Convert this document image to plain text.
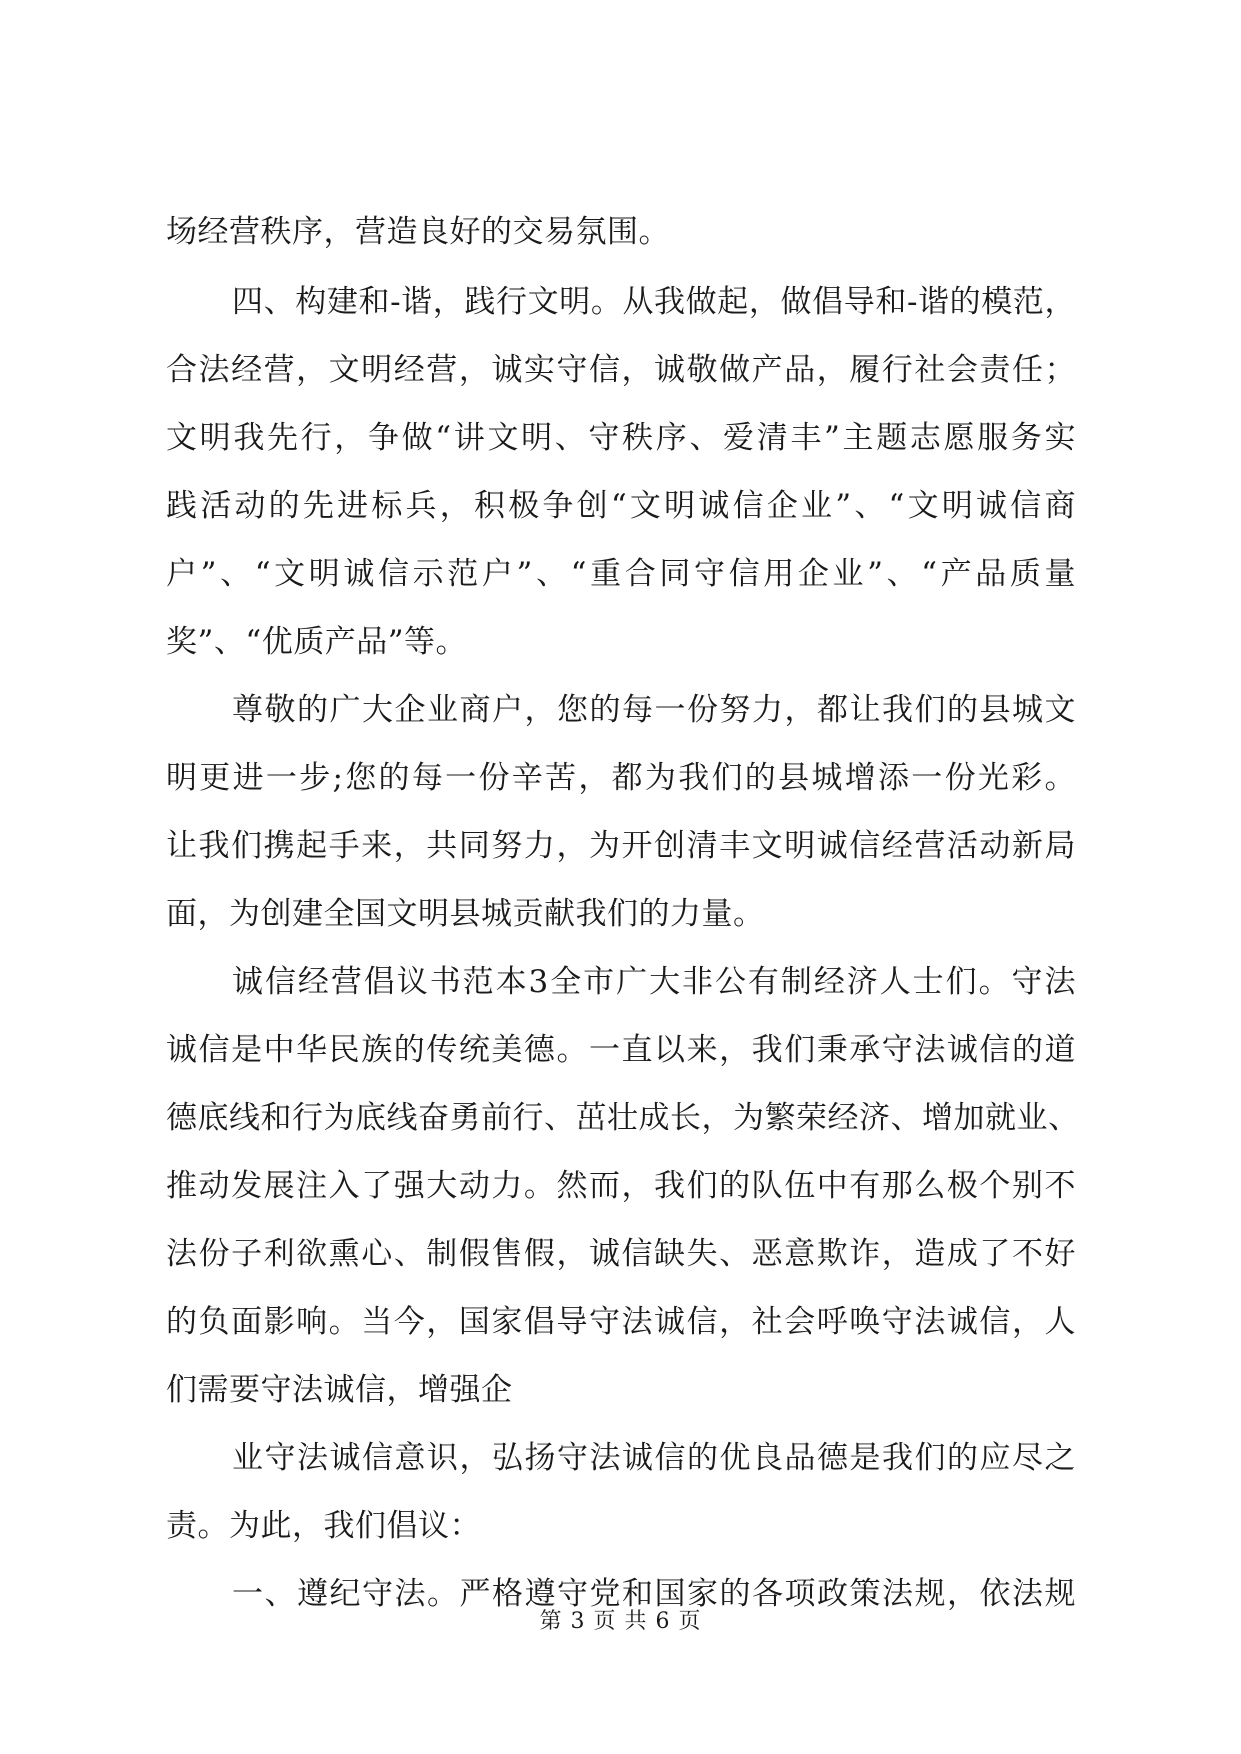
场经营秩序，营造良好的交易氛围。
四、构建和-谐，践行文明。从我做起，做倡导和-谐的模范，
合法经营，文明经营，诚实守信，诚敬做产品，履行社会责任；
文明我先行，争做“讲文明、守秩序、爱清丰”主题志愿服务实
践活动的先进标兵，积极争创“文明诚信企业”、“文明诚信商
户”、“文明诚信示范户”、“重合同守信用企业”、“产品质量
奖”、“优质产品”等。
尊敬的广大企业商户，您的每一份努力，都让我们的县城文
明更进一步;您的每一份辛苦，都为我们的县城增添一份光彩。
让我们携起手来，共同努力，为开创清丰文明诚信经营活动新局
面，为创建全国文明县城贡献我们的力量。
诚信经营倡议书范本3全市广大非公有制经济人士们。守法
诚信是中华民族的传统美德。一直以来，我们秉承守法诚信的道
德底线和行为底线奋勇前行、茁壮成长，为繁荣经济、增加就业、
推动发展注入了强大动力。然而，我们的队伍中有那么极个别不
法份子利欲熏心、制假售假，诚信缺失、恶意欺诈，造成了不好
的负面影响。当今，国家倡导守法诚信，社会呼唤守法诚信，人
们需要守法诚信，增强企
业守法诚信意识，弘扬守法诚信的优良品德是我们的应尽之
责。为此，我们倡议：
一、遵纪守法。严格遵守党和国家的各项政策法规，依法规
第 3 页 共 6 页
